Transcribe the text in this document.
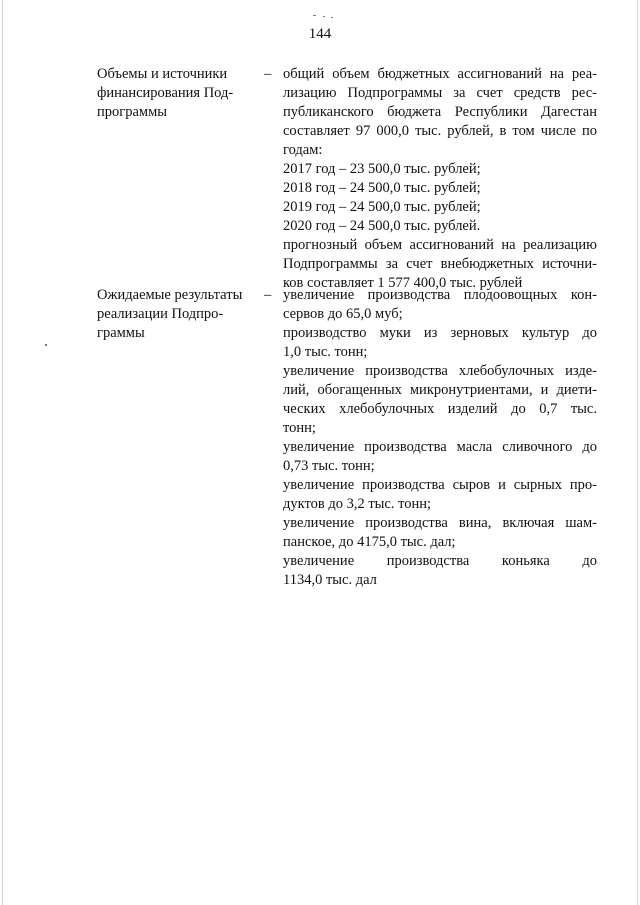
144
Объемы и источники
финансирования Под-
программы
– общий объем бюджетных ассигнований на реа-
лизацию Подпрограммы за счет средств рес-
публиканского бюджета Республики Дагестан
составляет 97 000,0 тыс. рублей, в том числе по
годам:
2017 год – 23 500,0 тыс. рублей;
2018 год – 24 500,0 тыс. рублей;
2019 год – 24 500,0 тыс. рублей;
2020 год – 24 500,0 тыс. рублей.
прогнозный объем ассигнований на реализацию
Подпрограммы за счет внебюджетных источни-
ков составляет 1 577 400,0 тыс. рублей
Ожидаемые результаты
реализации Подпро-
граммы
– увеличение производства плодоовощных кон-
сервов до 65,0 муб;
производство муки из зерновых культур до
1,0 тыс. тонн;
увеличение производства хлебобулочных изде-
лий, обогащенных микронутриентами, и диети-
ческих хлебобулочных изделий до 0,7 тыс.
тонн;
увеличение производства масла сливочного до
0,73 тыс. тонн;
увеличение производства сыров и сырных про-
дуктов до 3,2 тыс. тонн;
увеличение производства вина, включая шам-
панское, до 4175,0 тыс. дал;
увеличение производства коньяка до
1134,0 тыс. дал
